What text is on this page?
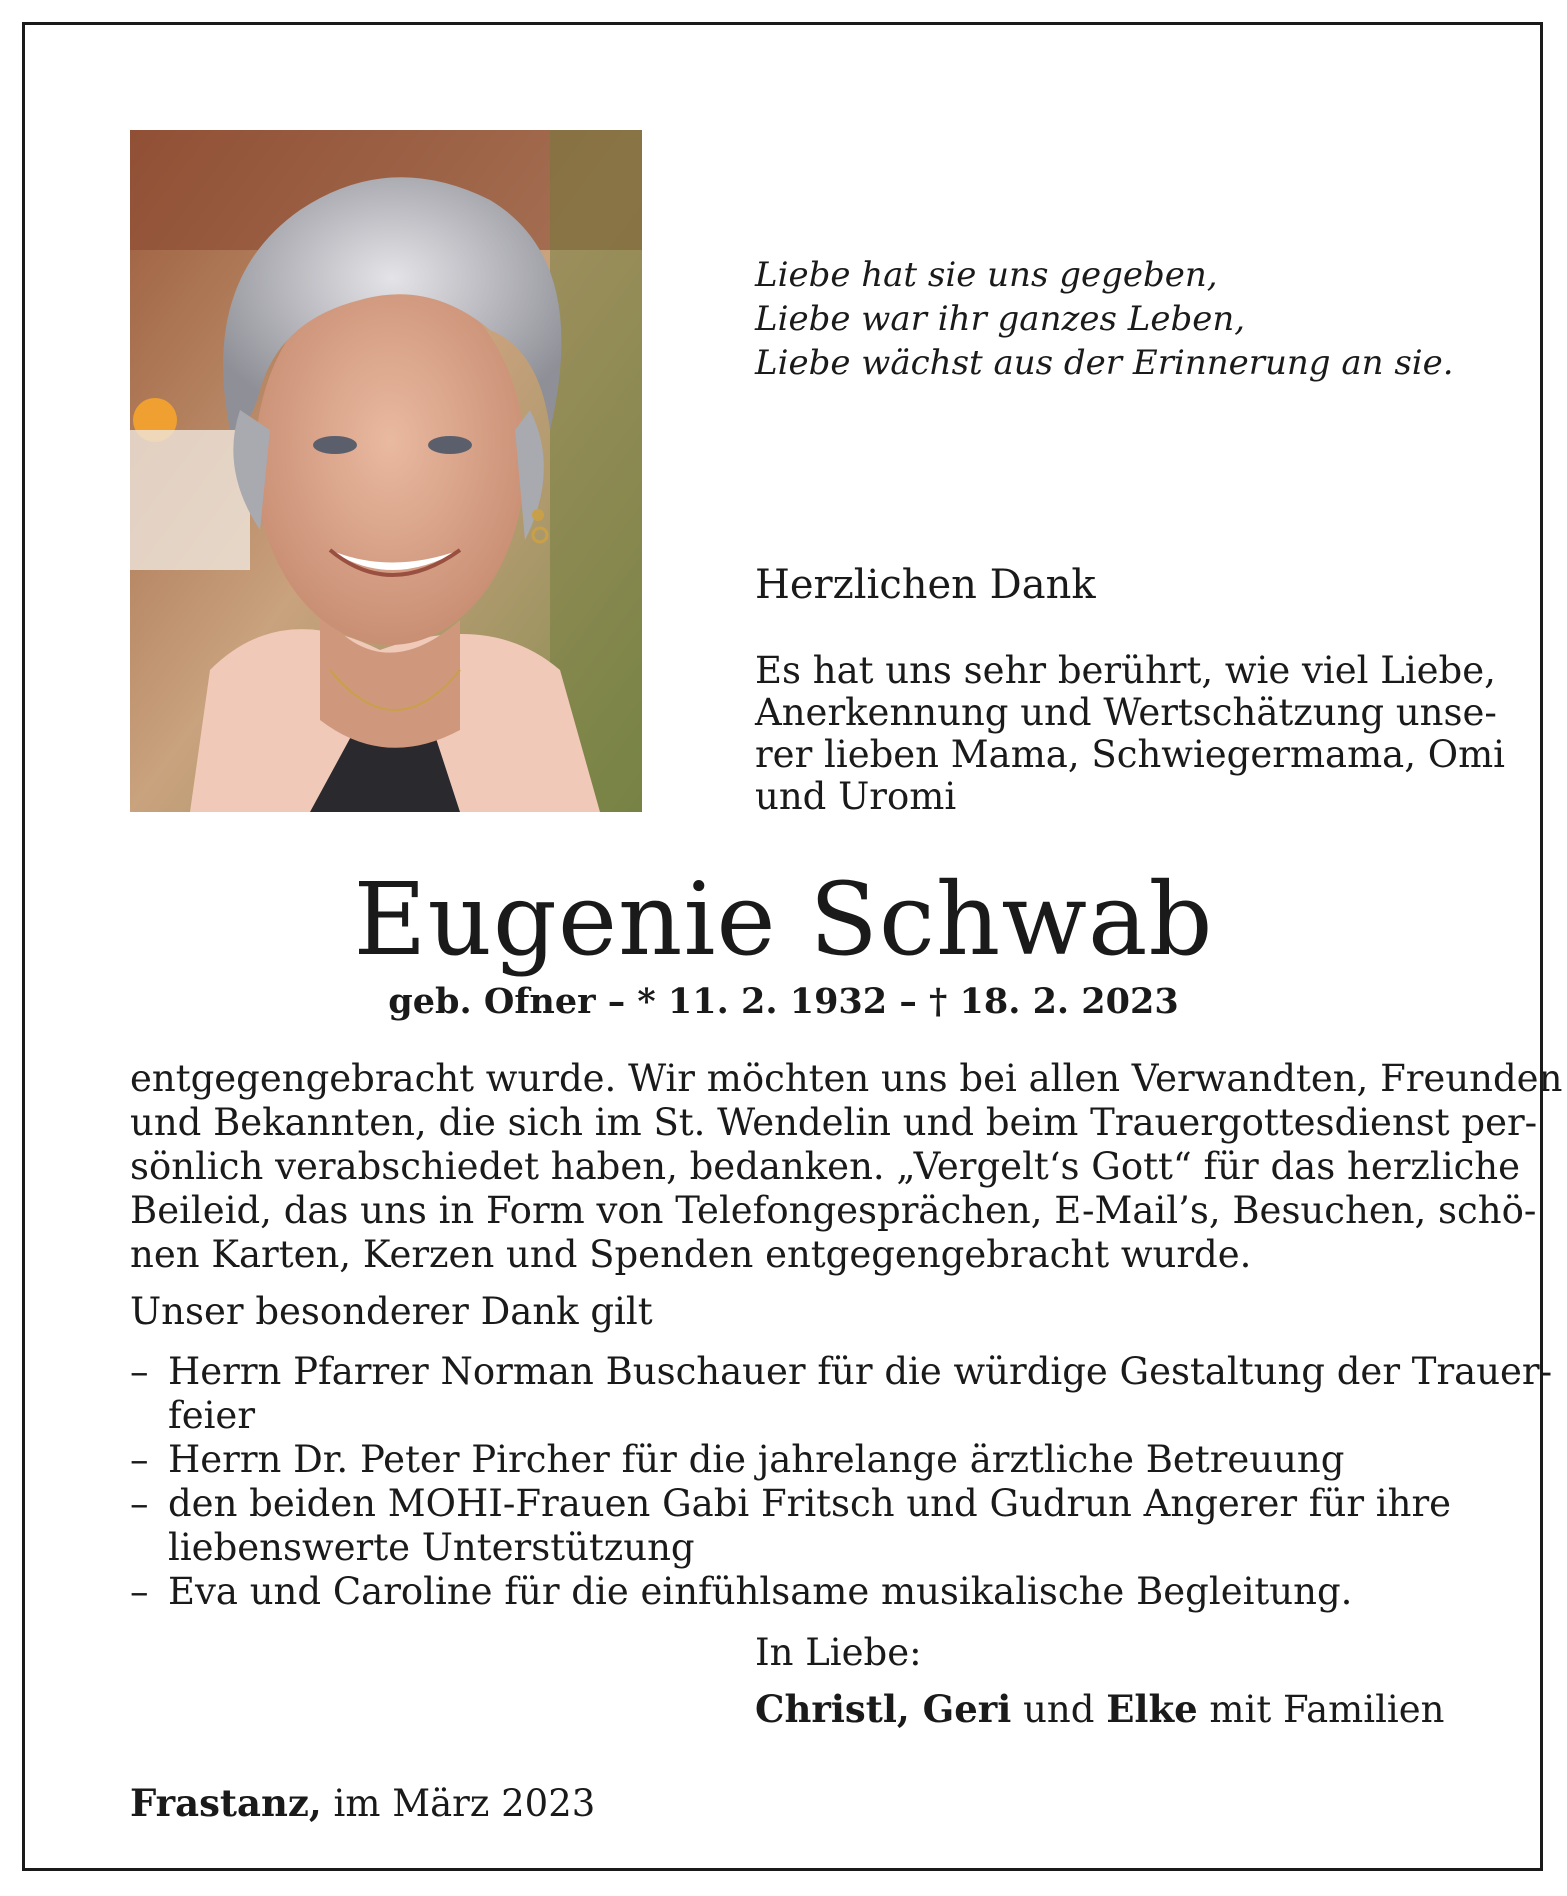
Liebe hat sie uns gegeben,
Liebe war ihr ganzes Leben,
Liebe wächst aus der Erinnerung an sie.
Herzlichen Dank
Es hat uns sehr berührt, wie viel Liebe,
Anerkennung und Wertschätzung unse-
rer lieben Mama, Schwiegermama, Omi
und Uromi
Eugenie Schwab
geb. Ofner – * 11. 2. 1932 – † 18. 2. 2023
entgegengebracht wurde. Wir möchten uns bei allen Verwandten, Freunden
und Bekannten, die sich im St. Wendelin und beim Trauergottesdienst per-
sönlich verabschiedet haben, bedanken. „Vergelt‘s Gott“ für das herzliche
Beileid, das uns in Form von Telefongesprächen, E-Mail’s, Besuchen, schö-
nen Karten, Kerzen und Spenden entgegengebracht wurde.
Unser besonderer Dank gilt
– Herrn Pfarrer Norman Buschauer für die würdige Gestaltung der Trauer-
feier
– Herrn Dr. Peter Pircher für die jahrelange ärztliche Betreuung
– den beiden MOHI-Frauen Gabi Fritsch und Gudrun Angerer für ihre
liebenswerte Unterstützung
– Eva und Caroline für die einfühlsame musikalische Begleitung.
In Liebe:
Christl, Geri und Elke mit Familien
Frastanz, im März 2023
